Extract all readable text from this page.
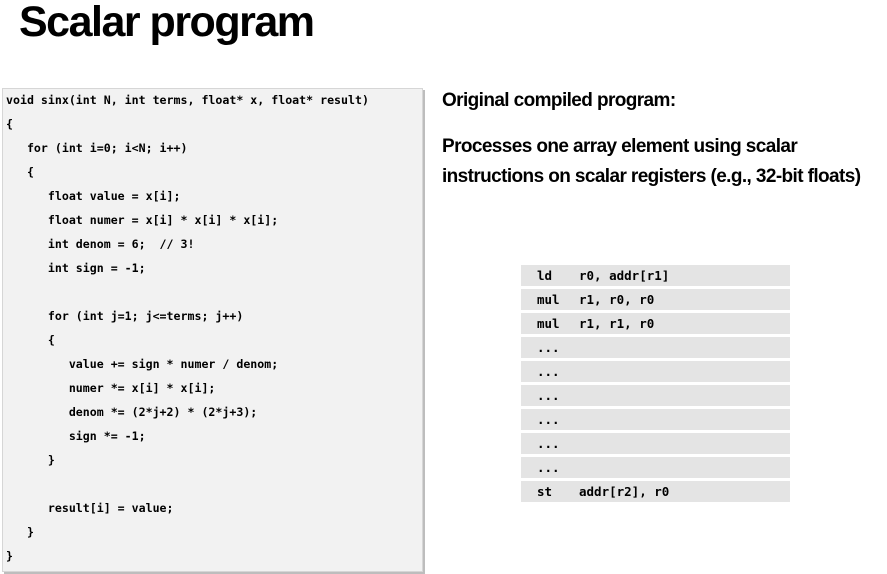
Scalar program
void sinx(int N, int terms, float* x, float* result)
{
for (int i=0; i<N; i++)
{
float value = x[i];
float numer = x[i] * x[i] * x[i];
int denom = 6;  // 3!
int sign = -1;
for (int j=1; j<=terms; j++)
{
value += sign * numer / denom;
numer *= x[i] * x[i];
denom *= (2*j+2) * (2*j+3);
sign *= -1;
}
result[i] = value;
}
}
Original compiled program:
Processes one array element using scalar
instructions on scalar registers (e.g., 32-bit floats)
ld r0, addr[r1]
mul r1, r0, r0
mul r1, r1, r0
...
...
...
...
...
...
st addr[r2], r0
